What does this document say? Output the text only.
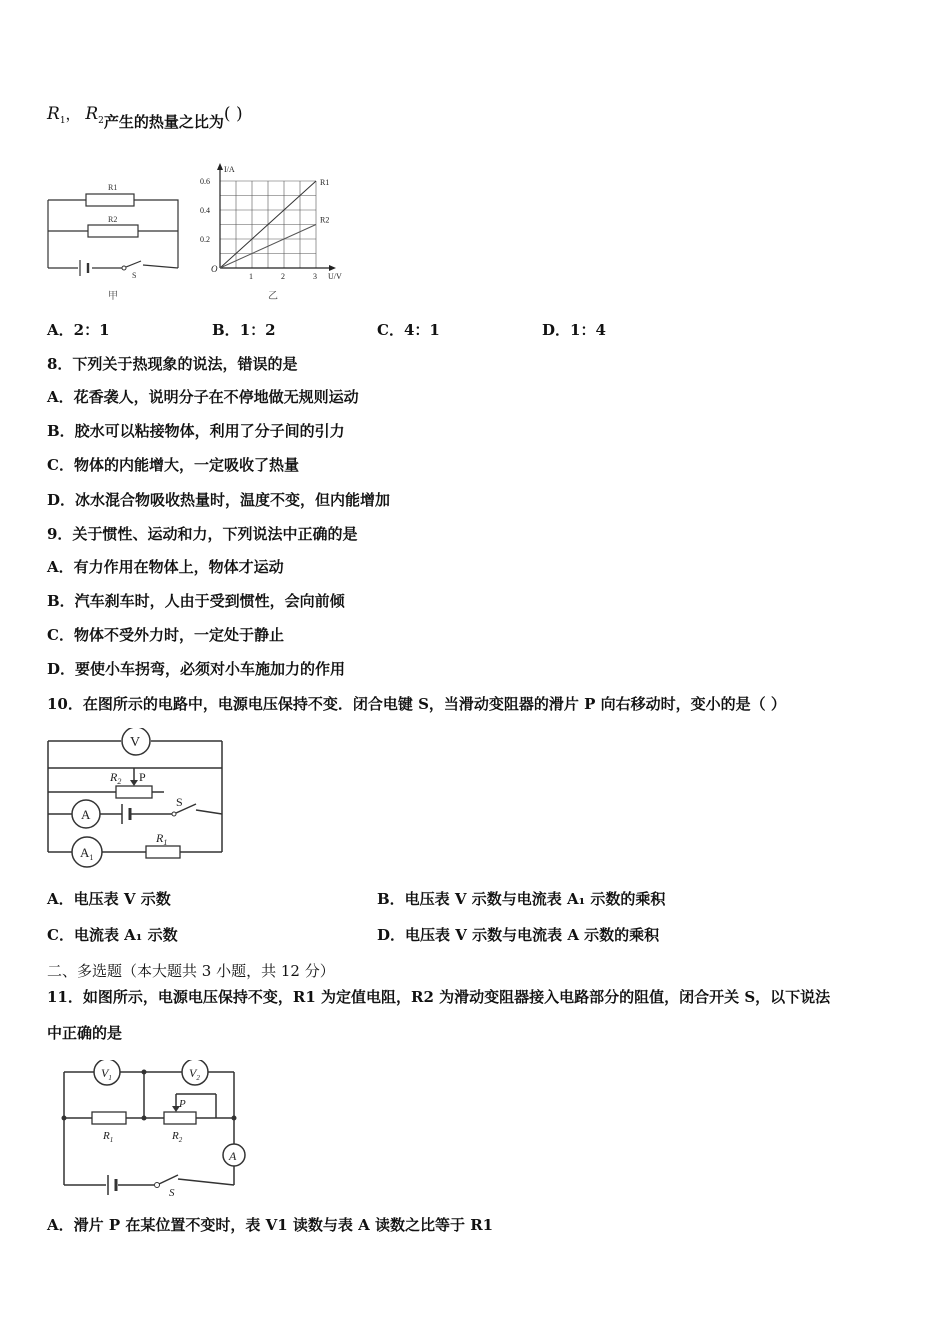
$R_1$， $R_2$产生的热量之比为( )
R1
R2
S
甲
R1
R2
0.2
0.4
0.6
1	2	3
I/A
U/V
O
乙
A．2：1	B．1：2	C．4：1	D．1：4
8．下列关于热现象的说法，错误的是
A．花香袭人，说明分子在不停地做无规则运动
B．胶水可以粘接物体，利用了分子间的引力
C．物体的内能增大，一定吸收了热量
D．冰水混合物吸收热量时，温度不变，但内能增加
9．关于惯性、运动和力，下列说法中正确的是
A．有力作用在物体上，物体才运动
B．汽车刹车时，人由于受到惯性，会向前倾
C．物体不受外力时，一定处于静止
D．要使小车拐弯，必须对小车施加力的作用
10．在图所示的电路中，电源电压保持不变．闭合电键 S，当滑动变阻器的滑片 P 向右移动时，变小的是（ ）
V
$R_2$ P
A
S
$A_1$
$R_1$
A．电压表 V 示数	B．电压表 V 示数与电流表 A₁ 示数的乘积
C．电流表 A₁ 示数	D．电压表 V 示数与电流表 A 示数的乘积
二、多选题（本大题共 3 小题，共 12 分）
11．如图所示，电源电压保持不变，R1 为定值电阻，R2 为滑动变阻器接入电路部分的阻值，闭合开关 S，以下说法
中正确的是
$V_1$	$V_2$
$R_1$
P
$R_2$
A
S
A．滑片 P 在某位置不变时，表 V1 读数与表 A 读数之比等于 R1
